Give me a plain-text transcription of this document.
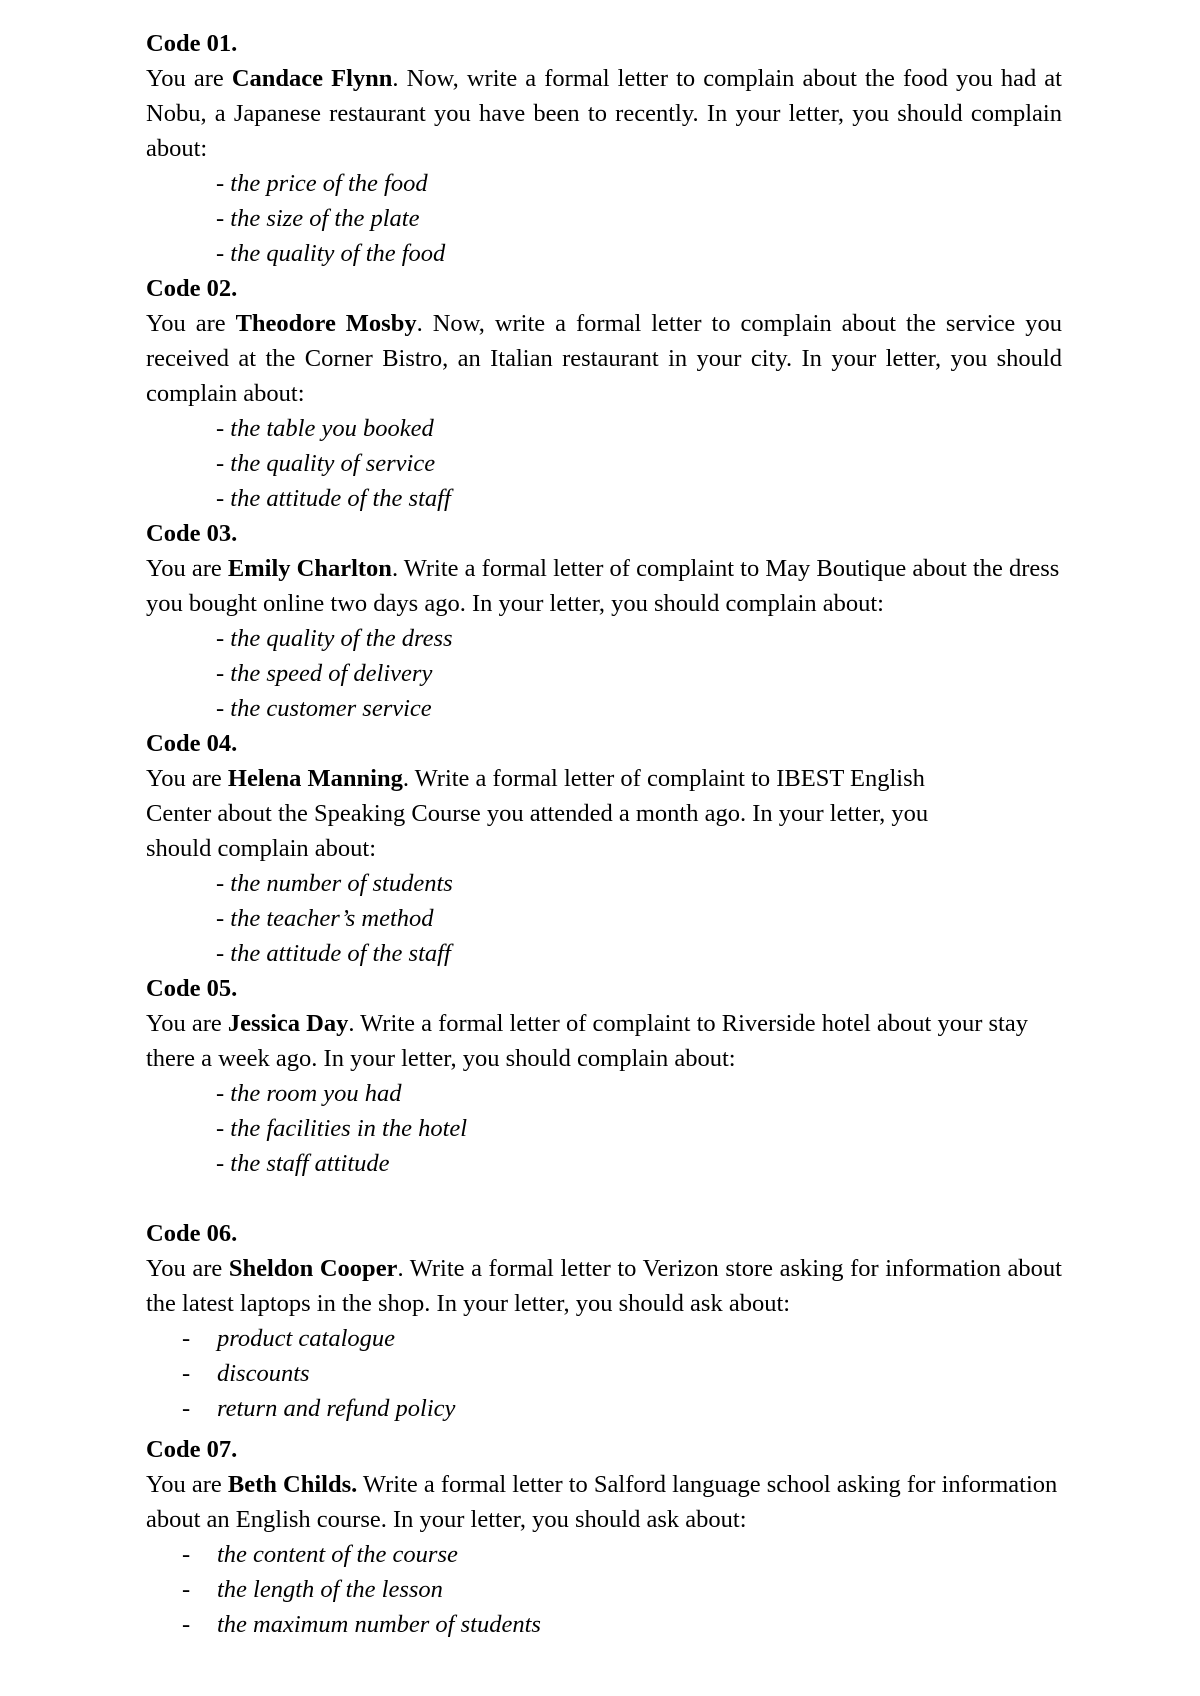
Code 01.

You are Candace Flynn. Now, write a formal letter to complain about the food you had at Nobu, a Japanese restaurant you have been to recently. In your letter, you should complain about:

- the price of the food
- the size of the plate
- the quality of the food

Code 02.

You are Theodore Mosby. Now, write a formal letter to complain about the service you received at the Corner Bistro, an Italian restaurant in your city. In your letter, you should complain about:

- the table you booked
- the quality of service
- the attitude of the staff

Code 03.

You are Emily Charlton. Write a formal letter of complaint to May Boutique about the dress you bought online two days ago. In your letter, you should complain about:

- the quality of the dress
- the speed of delivery
- the customer service

Code 04.

You are Helena Manning. Write a formal letter of complaint to IBEST English Center about the Speaking Course you attended a month ago. In your letter, you should complain about:

- the number of students
- the teacher’s method
- the attitude of the staff

Code 05.

You are Jessica Day. Write a formal letter of complaint to Riverside hotel about your stay there a week ago. In your letter, you should complain about:

- the room you had
- the facilities in the hotel
- the staff attitude

Code 06.

You are Sheldon Cooper. Write a formal letter to Verizon store asking for information about the latest laptops in the shop. In your letter, you should ask about:

- product catalogue
- discounts
- return and refund policy

Code 07.

You are Beth Childs. Write a formal letter to Salford language school asking for information about an English course. In your letter, you should ask about:

- the content of the course
- the length of the lesson
- the maximum number of students
